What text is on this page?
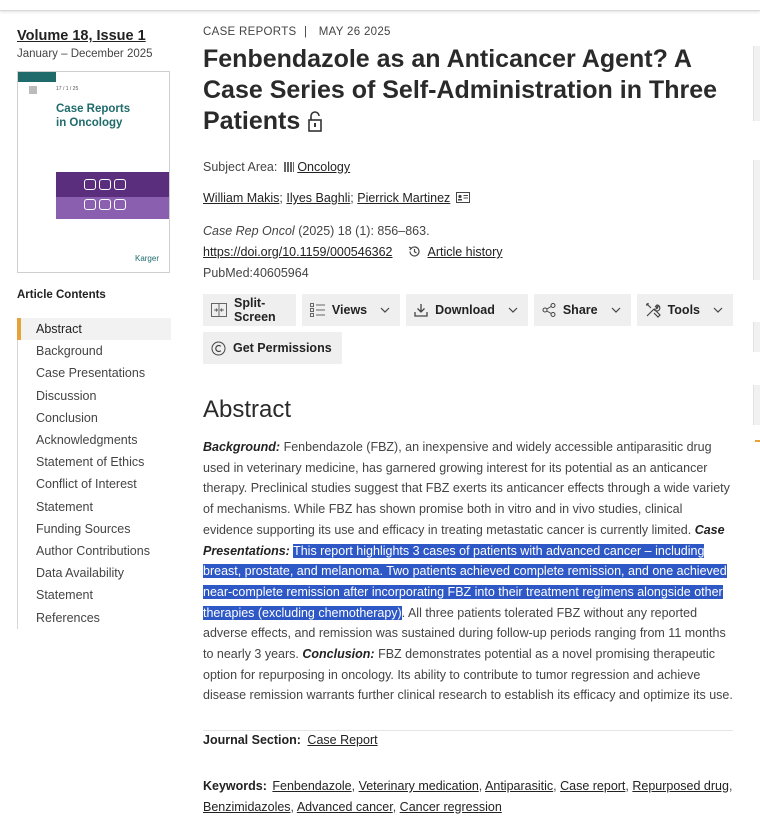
Volume 18, Issue 1
January – December 2025
17 / 1 / 25
Case Reports
in Oncology
Karger
Article Contents
Abstract
Background
Case Presentations
Discussion
Conclusion
Acknowledgments
Statement of Ethics
Conflict of Interest
Statement
Funding Sources
Author Contributions
Data Availability
Statement
References
CASE REPORTS | MAY 26 2025
Fenbendazole as an Anticancer Agent? A Case Series of Self-Administration in Three Patients
Subject Area: Oncology
William Makis; Ilyes Baghli; Pierrick Martinez
Case Rep Oncol (2025) 18 (1): 856–863.
https://doi.org/10.1159/000546362	Article history
PubMed:40605964
Split-Screen	Views	Download	Share	Tools
Get Permissions
Abstract
Background: Fenbendazole (FBZ), an inexpensive and widely accessible antiparasitic drug used in veterinary medicine, has garnered growing interest for its potential as an anticancer therapy. Preclinical studies suggest that FBZ exerts its anticancer effects through a wide variety of mechanisms. While FBZ has shown promise both in vitro and in vivo studies, clinical evidence supporting its use and efficacy in treating metastatic cancer is currently limited. Case Presentations: This report highlights 3 cases of patients with advanced cancer – including breast, prostate, and melanoma. Two patients achieved complete remission, and one achieved near-complete remission after incorporating FBZ into their treatment regimens alongside other therapies (excluding chemotherapy). All three patients tolerated FBZ without any reported adverse effects, and remission was sustained during follow-up periods ranging from 11 months to nearly 3 years. Conclusion: FBZ demonstrates potential as a novel promising therapeutic option for repurposing in oncology. Its ability to contribute to tumor regression and achieve disease remission warrants further clinical research to establish its efficacy and optimize its use.
Journal Section: Case Report
Keywords: Fenbendazole, Veterinary medication, Antiparasitic, Case report, Repurposed drug, Benzimidazoles, Advanced cancer, Cancer regression
